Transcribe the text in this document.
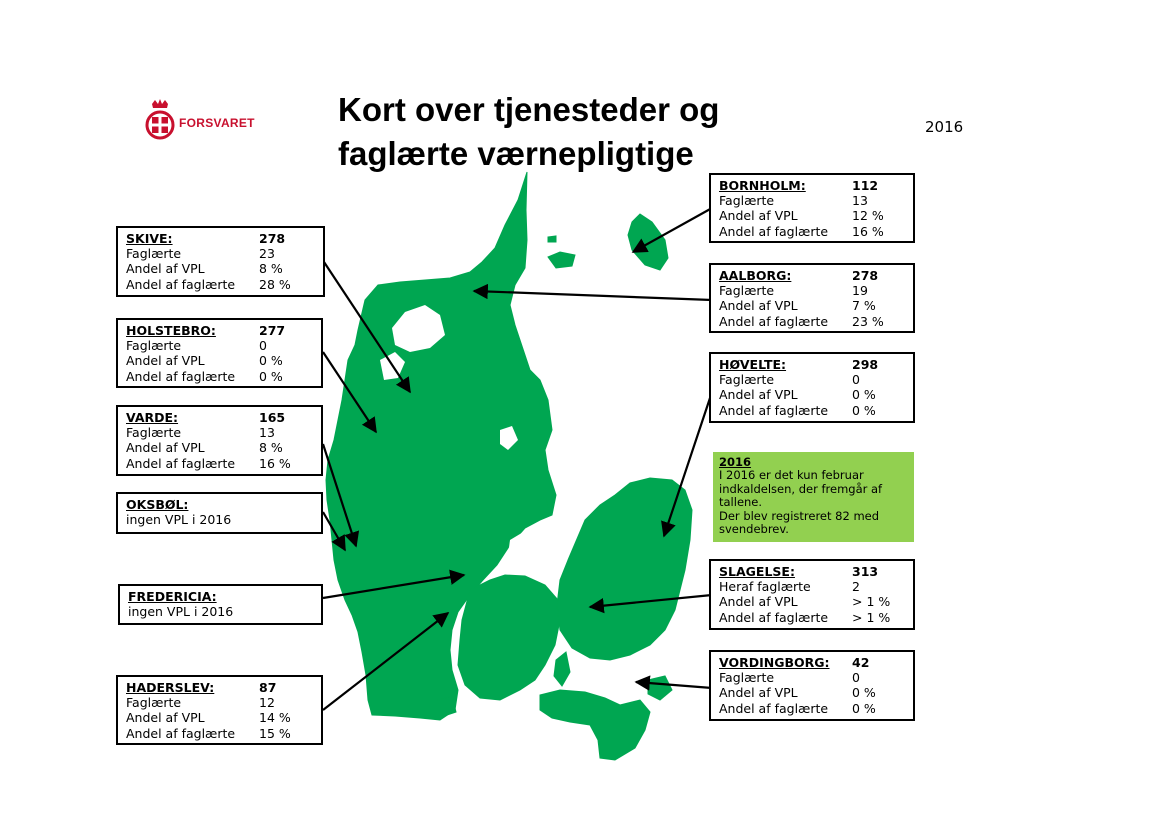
FORSVARET	Kort over tjenesteder og
faglærte værnepligtige
2016
SKIVE:	278
Faglærte	23
Andel af VPL	8 %
Andel af faglærte	28 %
HOLSTEBRO:	277
Faglærte	0
Andel af VPL	0 %
Andel af faglærte	0 %
VARDE:	165
Faglærte	13
Andel af VPL	8 %
Andel af faglærte	16 %
OKSBØL:
ingen VPL i 2016
FREDERICIA:
ingen VPL i 2016
HADERSLEV:	87
Faglærte	12
Andel af VPL	14 %
Andel af faglærte	15 %
BORNHOLM:	112
Faglærte	13
Andel af VPL	12 %
Andel af faglærte	16 %
AALBORG:	278
Faglærte	19
Andel af VPL	7 %
Andel af faglærte	23 %
HØVELTE:	298
Faglærte	0
Andel af VPL	0 %
Andel af faglærte	0 %
2016
I 2016 er det kun februar
indkaldelsen, der fremgår af
tallene.
Der blev registreret 82 med
svendebrev.
SLAGELSE:	313
Heraf faglærte	2
Andel af VPL	> 1 %
Andel af faglærte	> 1 %
VORDINGBORG:	42
Faglærte	0
Andel af VPL	0 %
Andel af faglærte	0 %
